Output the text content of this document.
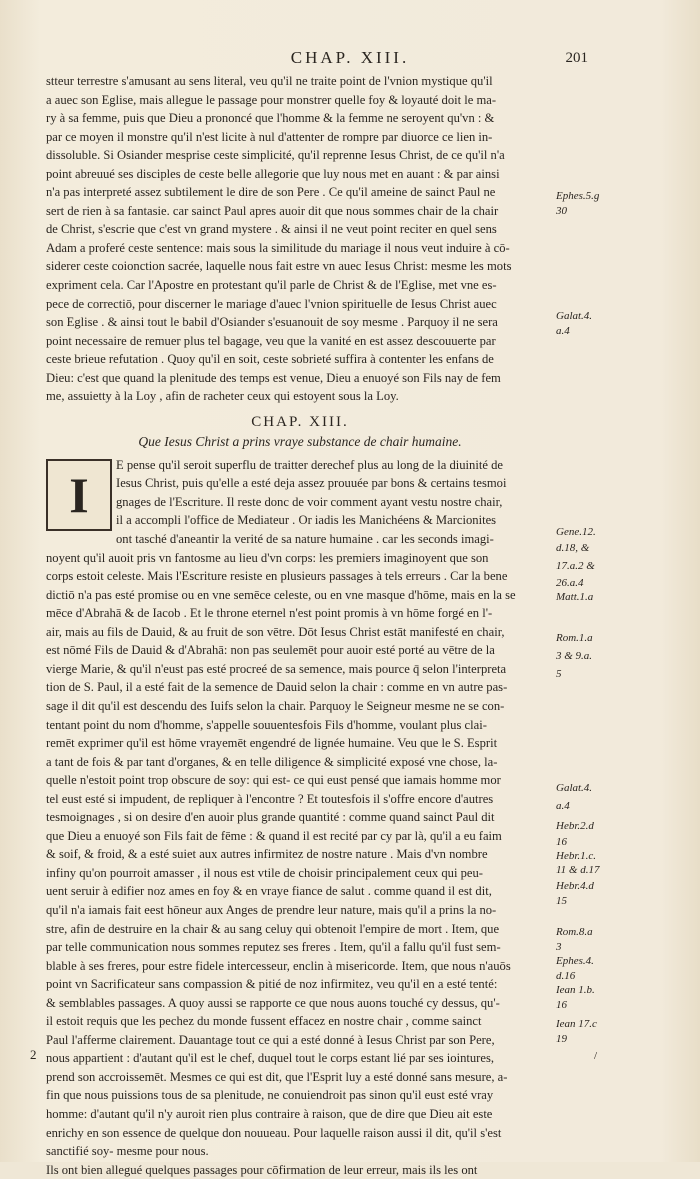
CHAP. XIII.	201
stteur terrestre s'amusant au sens literal, veu qu'il ne traite point de l'vnion mystique qu'il
a auec son Eglise, mais allegue le passage pour monstrer quelle foy & loyauté doit le ma-
ry à sa femme, puis que Dieu a prononcé que l'homme & la femme ne seroyent qu'vn : &
par ce moyen il monstre qu'il n'est licite à nul d'attenter de rompre par diuorce ce lien in-
dissoluble. Si Osiander mesprise ceste simplicité, qu'il reprenne Iesus Christ, de ce qu'il n'a
point abreuué ses disciples de ceste belle allegorie que luy nous met en auant : & par ainsi
n'a pas interpreté assez subtilement le dire de son Pere . Ce qu'il ameine de sainct Paul ne
sert de rien à sa fantasie. car sainct Paul apres auoir dit que nous sommes chair de la chair
de Christ, s'escrie que c'est vn grand mystere . & ainsi il ne veut point reciter en quel sens
Adam a proferé ceste sentence: mais sous la similitude du mariage il nous veut induire à cō-
siderer ceste coionction sacrée, laquelle nous fait estre vn auec Iesus Christ: mesme les mots
expriment cela. Car l'Apostre en protestant qu'il parle de Christ & de l'Eglise, met vne es-
pece de correctiō, pour discerner le mariage d'auec l'vnion spirituelle de Iesus Christ auec
son Eglise . & ainsi tout le babil d'Osiander s'esuanouit de soy mesme . Parquoy il ne sera
point necessaire de remuer plus tel bagage, veu que la vanité en est assez descouuerte par
ceste brieue refutation . Quoy qu'il en soit, ceste sobrieté suffira à contenter les enfans de
Dieu: c'est que quand la plenitude des temps est venue, Dieu a enuoyé son Fils nay de fem
me, assuietty à la Loy , afin de racheter ceux qui estoyent sous la Loy.
CHAP. XIII.
Que Iesus Christ a prins vraye substance de chair humaine.
I
E pense qu'il seroit superflu de traitter derechef plus au long de la diuinité de
Iesus Christ, puis qu'elle a esté deja assez prouuée par bons & certains tesmoi
gnages de l'Escriture. Il reste donc de voir comment ayant vestu nostre chair,
il a accompli l'office de Mediateur . Or iadis les Manichéens & Marcionites
ont tasché d'aneantir la verité de sa nature humaine . car les seconds imagi-
noyent qu'il auoit pris vn fantosme au lieu d'vn corps: les premiers imaginoyent que son
corps estoit celeste. Mais l'Escriture resiste en plusieurs passages à tels erreurs . Car la bene
dictiō n'a pas esté promise ou en vne semēce celeste, ou en vne masque d'hōme, mais en la se
mēce d'Abrahā & de Iacob . Et le throne eternel n'est point promis à vn hōme forgé en l'-
air, mais au fils de Dauid, & au fruit de son vētre. Dōt Iesus Christ estāt manifesté en chair,
est nōmé Fils de Dauid & d'Abrahā: non pas seulemēt pour auoir esté porté au vētre de la
vierge Marie, & qu'il n'eust pas esté procreé de sa semence, mais pource q̄ selon l'interpreta
tion de S. Paul, il a esté fait de la semence de Dauid selon la chair : comme en vn autre pas-
sage il dit qu'il est descendu des Iuifs selon la chair. Parquoy le Seigneur mesme ne se con-
tentant point du nom d'homme, s'appelle souuentesfois Fils d'homme, voulant plus clai-
remēt exprimer qu'il est hōme vrayemēt engendré de lignée humaine. Veu que le S. Esprit
a tant de fois & par tant d'organes, & en telle diligence & simplicité exposé vne chose, la-
quelle n'estoit point trop obscure de soy: qui est- ce qui eust pensé que iamais homme mor
tel eust esté si impudent, de repliquer à l'encontre ? Et toutesfois il s'offre encore d'autres
tesmoignages , si on desire d'en auoir plus grande quantité : comme quand sainct Paul dit
que Dieu a enuoyé son Fils fait de fēme : & quand il est recité par cy par là, qu'il a eu faim
& soif, & froid, & a esté suiet aux autres infirmitez de nostre nature . Mais d'vn nombre
infiny qu'on pourroit amasser , il nous est vtile de choisir principalement ceux qui peu-
uent seruir à edifier noz ames en foy & en vraye fiance de salut . comme quand il est dit,
qu'il n'a iamais fait eest hōneur aux Anges de prendre leur nature, mais qu'il a prins la no-
stre, afin de destruire en la chair & au sang celuy qui obtenoit l'empire de mort . Item, que
par telle communication nous sommes reputez ses freres . Item, qu'il a fallu qu'il fust sem-
blable à ses freres, pour estre fidele intercesseur, enclin à misericorde. Item, que nous n'auōs
point vn Sacrificateur sans compassion & pitié de noz infirmitez, veu qu'il en a esté tenté:
& semblables passages. A quoy aussi se rapporte ce que nous auons touché cy dessus, qu'-
il estoit requis que les pechez du monde fussent effacez en nostre chair , comme sainct
Paul l'afferme clairement. Dauantage tout ce qui a esté donné à Iesus Christ par son Pere,
nous appartient : d'autant qu'il est le chef, duquel tout le corps estant lié par ses iointures,
prend son accroissemēt. Mesmes ce qui est dit, que l'Esprit luy a esté donné sans mesure, a-
fin que nous puissions tous de sa plenitude, ne conuiendroit pas sinon qu'il eust esté vray
homme: d'autant qu'il n'y auroit rien plus contraire à raison, que de dire que Dieu ait este
enrichy en son essence de quelque don nouueau. Pour laquelle raison aussi il dit, qu'il s'est
sanctifié soy- mesme pour nous.
Ils ont bien allegué quelques passages pour cōfirmation de leur erreur, mais ils les ont
Ephes.5.g
30
Galat.4.
a.4
Gene.12.
d.18, &
17.a.2 &
26.a.4
Matt.1.a
Rom.1.a
3 & 9.a.
5
Galat.4.
a.4
Hebr.2.d
16
Hebr.1.c.
11 & d.17
Hebr.4.d
15
Rom.8.a
3
Ephes.4.
d.16
Iean 1.b.
16
Iean 17.c
19
2	/
